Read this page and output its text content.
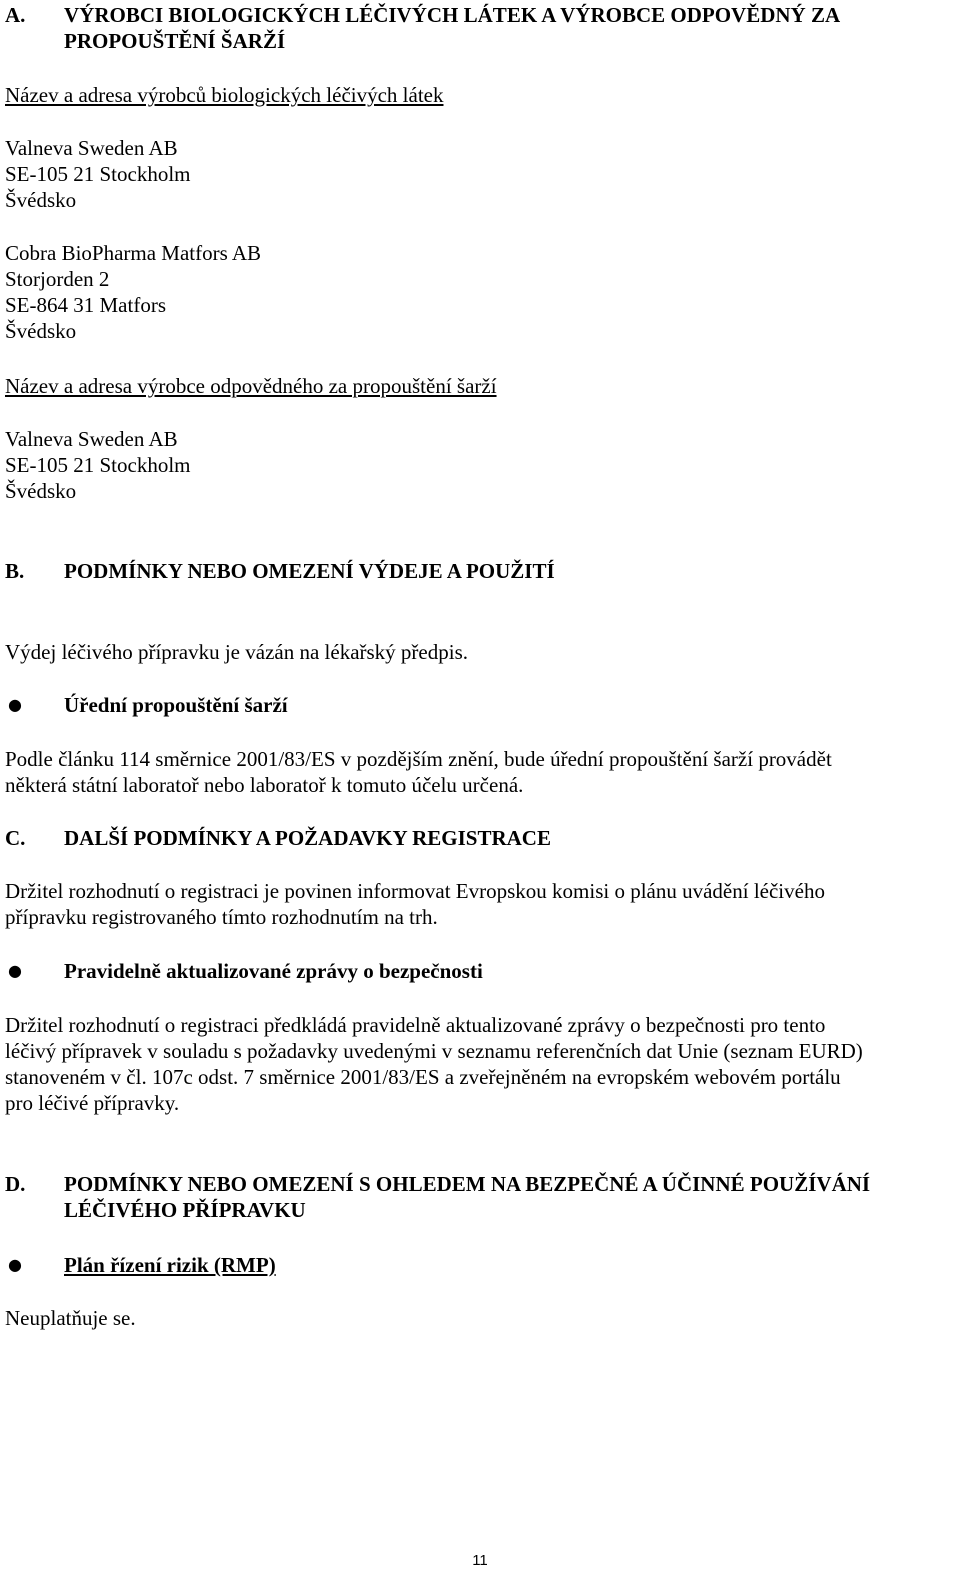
A. VÝROBCI BIOLOGICKÝCH LÉČIVÝCH LÁTEK A VÝROBCE ODPOVĚDNÝ ZA
PROPOUŠTĚNÍ ŠARŽÍ
Název a adresa výrobců biologických léčivých látek
Valneva Sweden AB
SE-105 21 Stockholm
Švédsko
Cobra BioPharma Matfors AB
Storjorden 2
SE-864 31 Matfors
Švédsko
Název a adresa výrobce odpovědného za propouštění šarží
Valneva Sweden AB
SE-105 21 Stockholm
Švédsko
B. PODMÍNKY NEBO OMEZENÍ VÝDEJE A POUŽITÍ
Výdej léčivého přípravku je vázán na lékařský předpis.
● Úřední propouštění šarží
Podle článku 114 směrnice 2001/83/ES v pozdějším znění, bude úřední propouštění šarží provádět
některá státní laboratoř nebo laboratoř k tomuto účelu určená.
C. DALŠÍ PODMÍNKY A POŽADAVKY REGISTRACE
Držitel rozhodnutí o registraci je povinen informovat Evropskou komisi o plánu uvádění léčivého
přípravku registrovaného tímto rozhodnutím na trh.
● Pravidelně aktualizované zprávy o bezpečnosti
Držitel rozhodnutí o registraci předkládá pravidelně aktualizované zprávy o bezpečnosti pro tento
léčivý přípravek v souladu s požadavky uvedenými v seznamu referenčních dat Unie (seznam EURD)
stanoveném v čl. 107c odst. 7 směrnice 2001/83/ES a zveřejněném na evropském webovém portálu
pro léčivé přípravky.
D. PODMÍNKY NEBO OMEZENÍ S OHLEDEM NA BEZPEČNÉ A ÚČINNÉ POUŽÍVÁNÍ
LÉČIVÉHO PŘÍPRAVKU
● Plán řízení rizik (RMP)
Neuplatňuje se.
11
